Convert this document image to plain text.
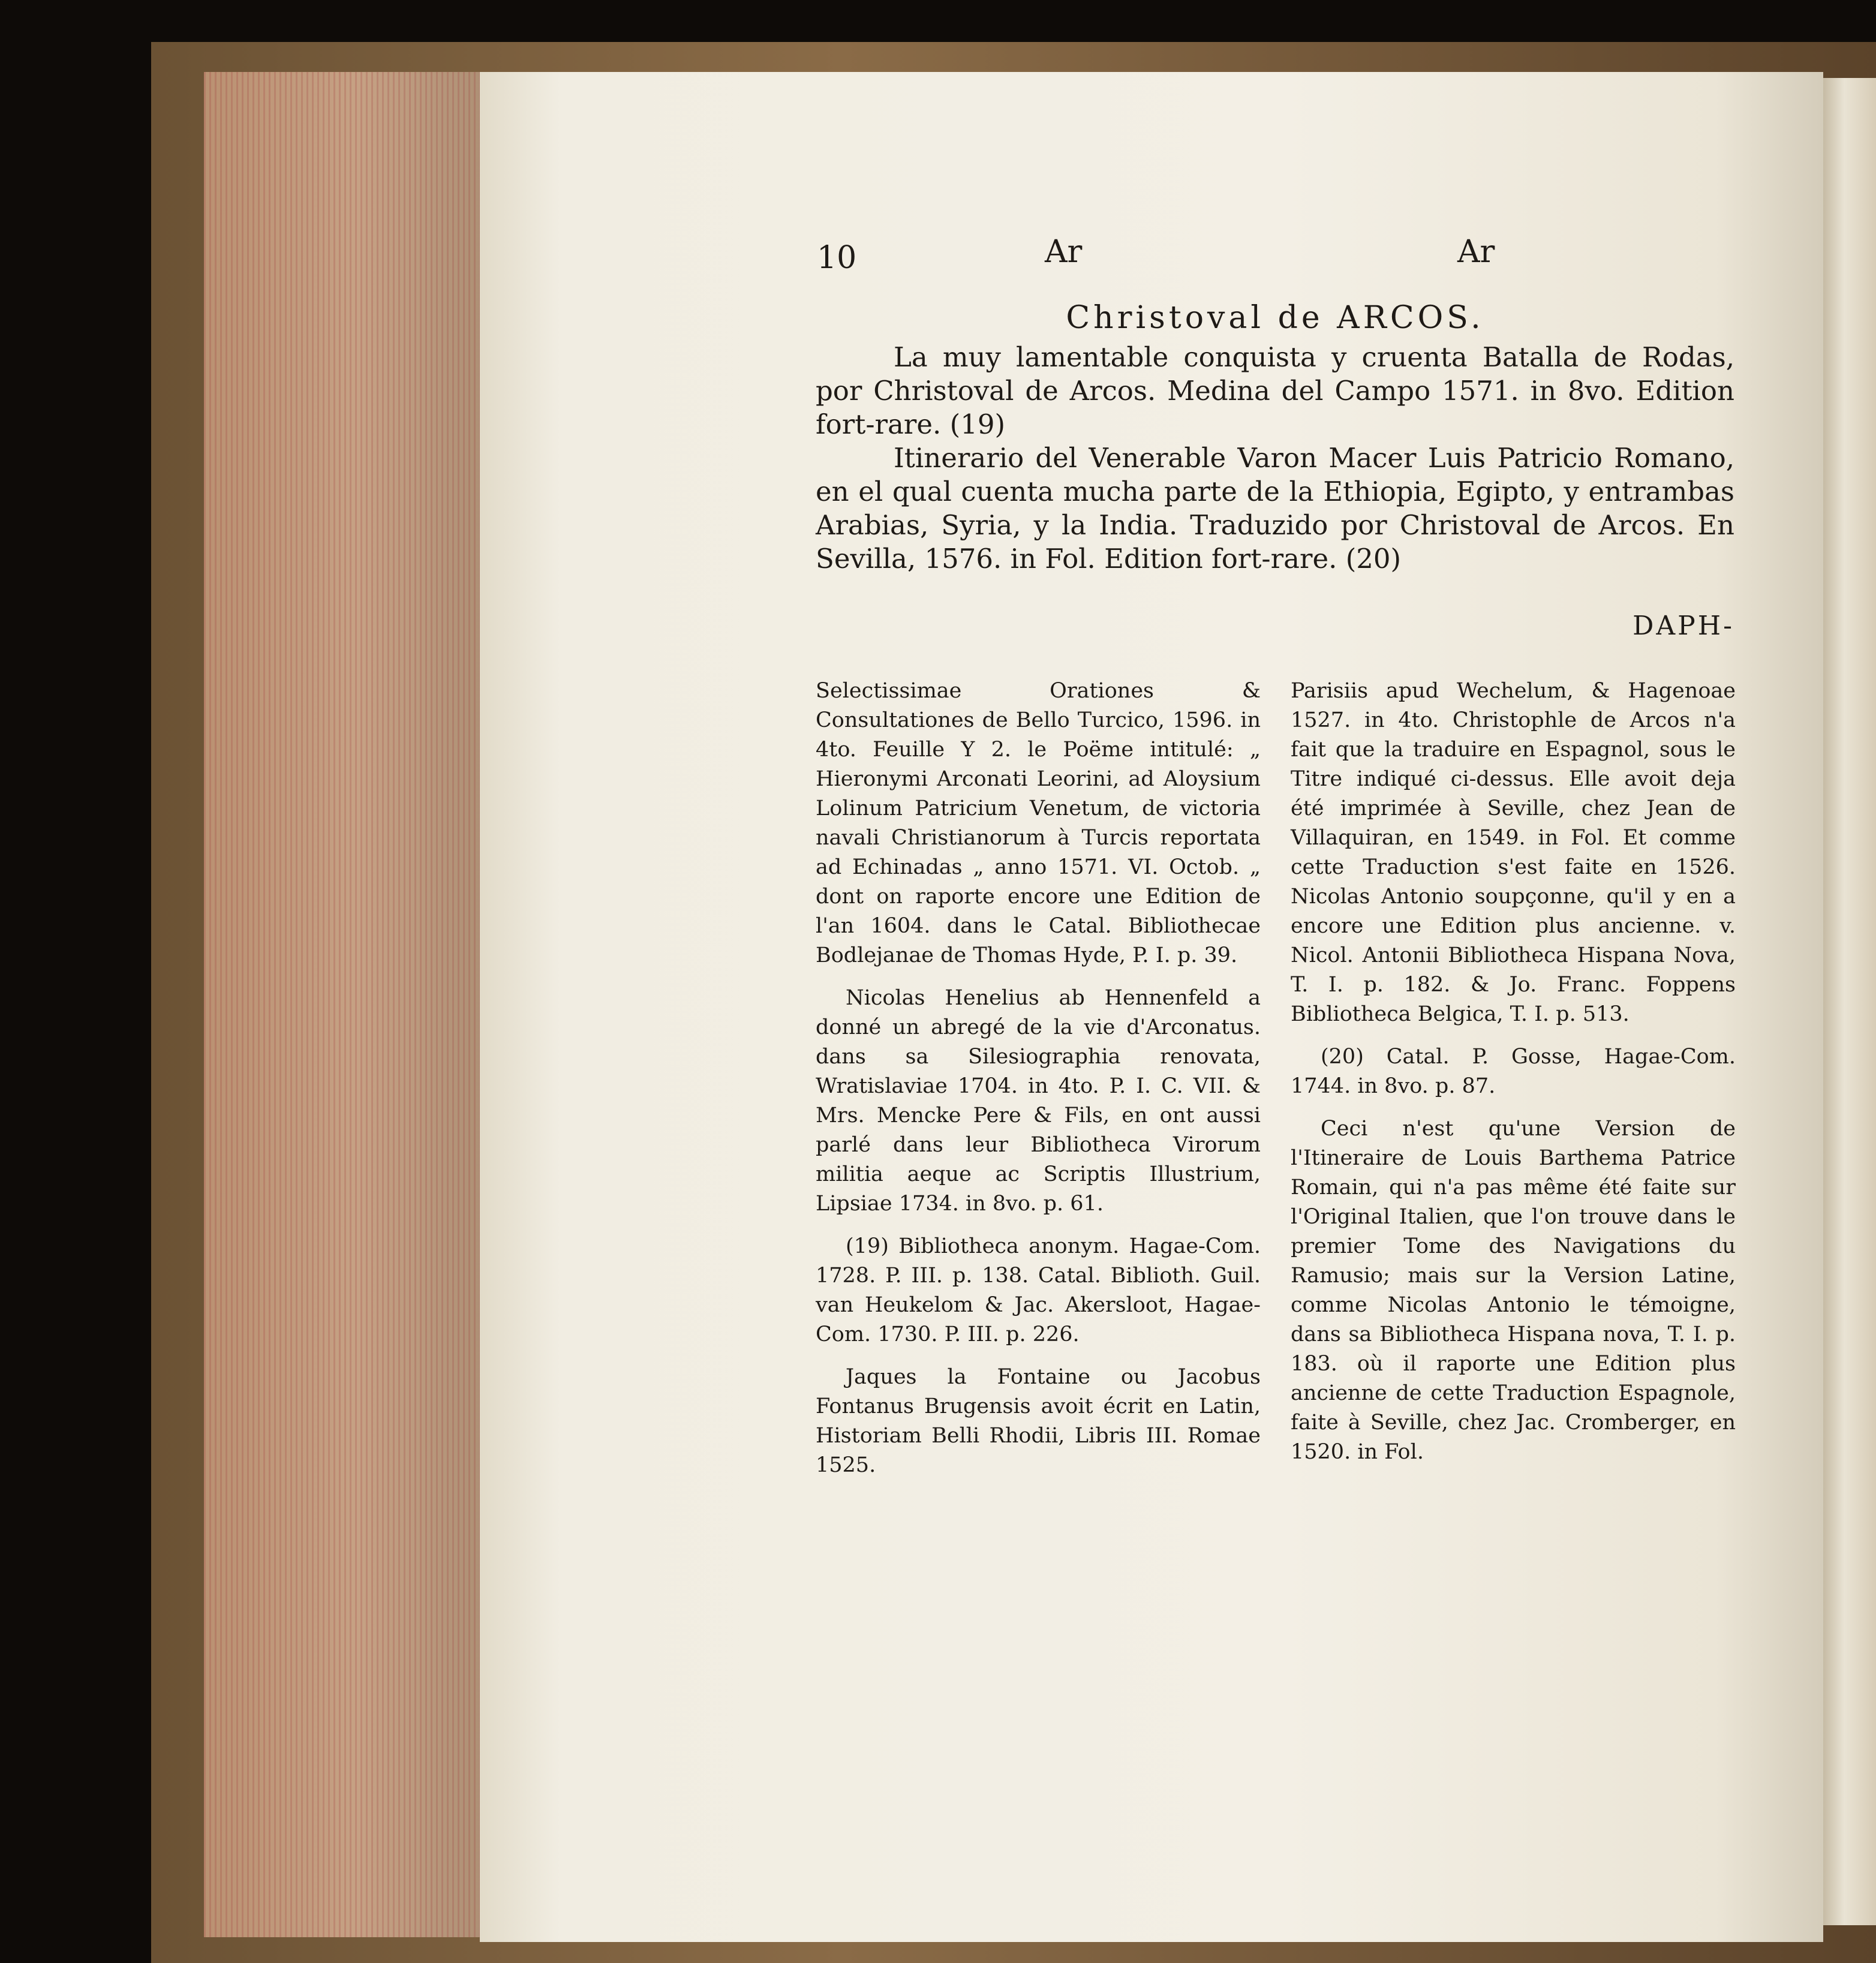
10	Ar	Ar
Christoval de ARCOS.

La muy lamentable conquista y cruenta Batalla de Rodas, por Christoval de Arcos. Medina del Campo 1571. in 8vo. Edition fort-rare. (19)

Itinerario del Venerable Varon Macer Luis Patricio Romano, en el qual cuenta mucha parte de la Ethiopia, Egipto, y entrambas Arabias, Syria, y la India. Traduzido por Christoval de Arcos. En Sevilla, 1576. in Fol. Edition fort-rare. (20)

DAPH-

Selectissimae Orationes & Consultationes de Bello Turcico, 1596. in 4to. Feuille Y 2. le Poëme intitulé: „ Hieronymi Arconati Leorini, ad Aloysium Lolinum Patricium Venetum, de victoria navali Christianorum à Turcis reportata ad Echinadas „ anno 1571. VI. Octob. „ dont on raporte encore une Edition de l'an 1604. dans le Catal. Bibliothecae Bodlejanae de Thomas Hyde, P. I. p. 39.

Nicolas Henelius ab Hennenfeld a donné un abregé de la vie d'Arconatus. dans sa Silesiographia renovata, Wratislaviae 1704. in 4to. P. I. C. VII. & Mrs. Mencke Pere & Fils, en ont aussi parlé dans leur Bibliotheca Virorum militia aeque ac Scriptis Illustrium, Lipsiae 1734. in 8vo. p. 61.

(19) Bibliotheca anonym. Hagae-Com. 1728. P. III. p. 138. Catal. Biblioth. Guil. van Heukelom & Jac. Akersloot, Hagae-Com. 1730. P. III. p. 226.

Jaques la Fontaine ou Jacobus Fontanus Brugensis avoit écrit en Latin, Historiam Belli Rhodii, Libris III. Romae 1525.

Parisiis apud Wechelum, & Hagenoae 1527. in 4to. Christophle de Arcos n'a fait que la traduire en Espagnol, sous le Titre indiqué ci-dessus. Elle avoit deja été imprimée à Seville, chez Jean de Villaquiran, en 1549. in Fol. Et comme cette Traduction s'est faite en 1526. Nicolas Antonio soupçonne, qu'il y en a encore une Edition plus ancienne. v. Nicol. Antonii Bibliotheca Hispana Nova, T. I. p. 182. & Jo. Franc. Foppens Bibliotheca Belgica, T. I. p. 513.

(20) Catal. P. Gosse, Hagae-Com. 1744. in 8vo. p. 87.

Ceci n'est qu'une Version de l'Itineraire de Louis Barthema Patrice Romain, qui n'a pas même été faite sur l'Original Italien, que l'on trouve dans le premier Tome des Navigations du Ramusio; mais sur la Version Latine, comme Nicolas Antonio le témoigne, dans sa Bibliotheca Hispana nova, T. I. p. 183. où il raporte une Edition plus ancienne de cette Traduction Espagnole, faite à Seville, chez Jac. Cromberger, en 1520. in Fol.
